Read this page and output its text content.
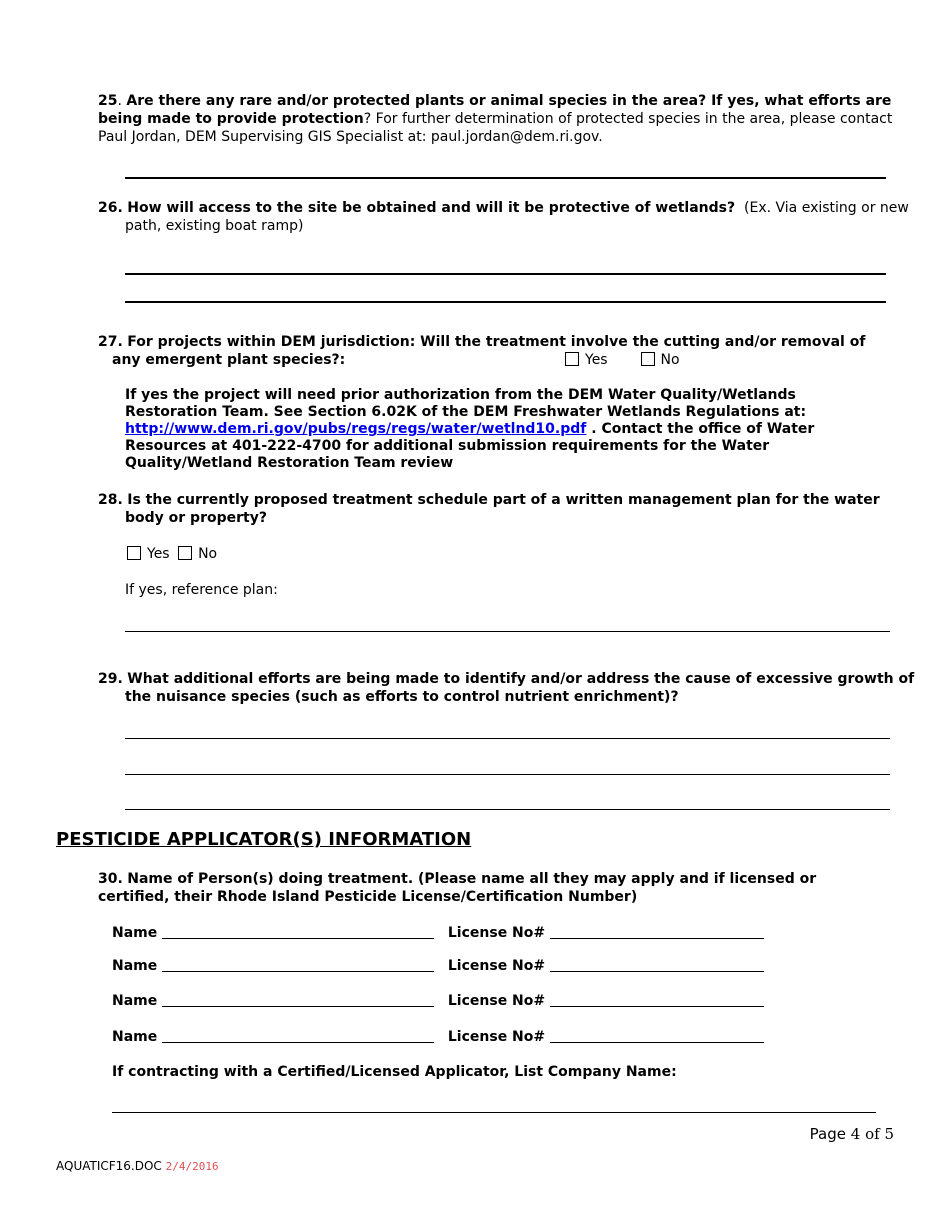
25. Are there any rare and/or protected plants or animal species in the area? If yes, what efforts are being made to provide protection? For further determination of protected species in the area, please contact Paul Jordan, DEM Supervising GIS Specialist at: paul.jordan@dem.ri.gov.
26. How will access to the site be obtained and will it be protective of wetlands? (Ex. Via existing or new path, existing boat ramp)
27. For projects within DEM jurisdiction: Will the treatment involve the cutting and/or removal of any emergent plant species?:	Yes	No
If yes the project will need prior authorization from the DEM Water Quality/Wetlands Restoration Team. See Section 6.02K of the DEM Freshwater Wetlands Regulations at: http://www.dem.ri.gov/pubs/regs/regs/water/wetlnd10.pdf . Contact the office of Water Resources at 401-222-4700 for additional submission requirements for the Water Quality/Wetland Restoration Team review
28. Is the currently proposed treatment schedule part of a written management plan for the water body or property?
Yes No
If yes, reference plan:
29. What additional efforts are being made to identify and/or address the cause of excessive growth of the nuisance species (such as efforts to control nutrient enrichment)?
PESTICIDE APPLICATOR(S) INFORMATION
30. Name of Person(s) doing treatment. (Please name all they may apply and if licensed or certified, their Rhode Island Pesticide License/Certification Number)
Name	License No#
Name	License No#
Name	License No#
Name	License No#
If contracting with a Certified/Licensed Applicator, List Company Name:
Page 4 of 5
AQUATICF16.DOC 2/4/2016
